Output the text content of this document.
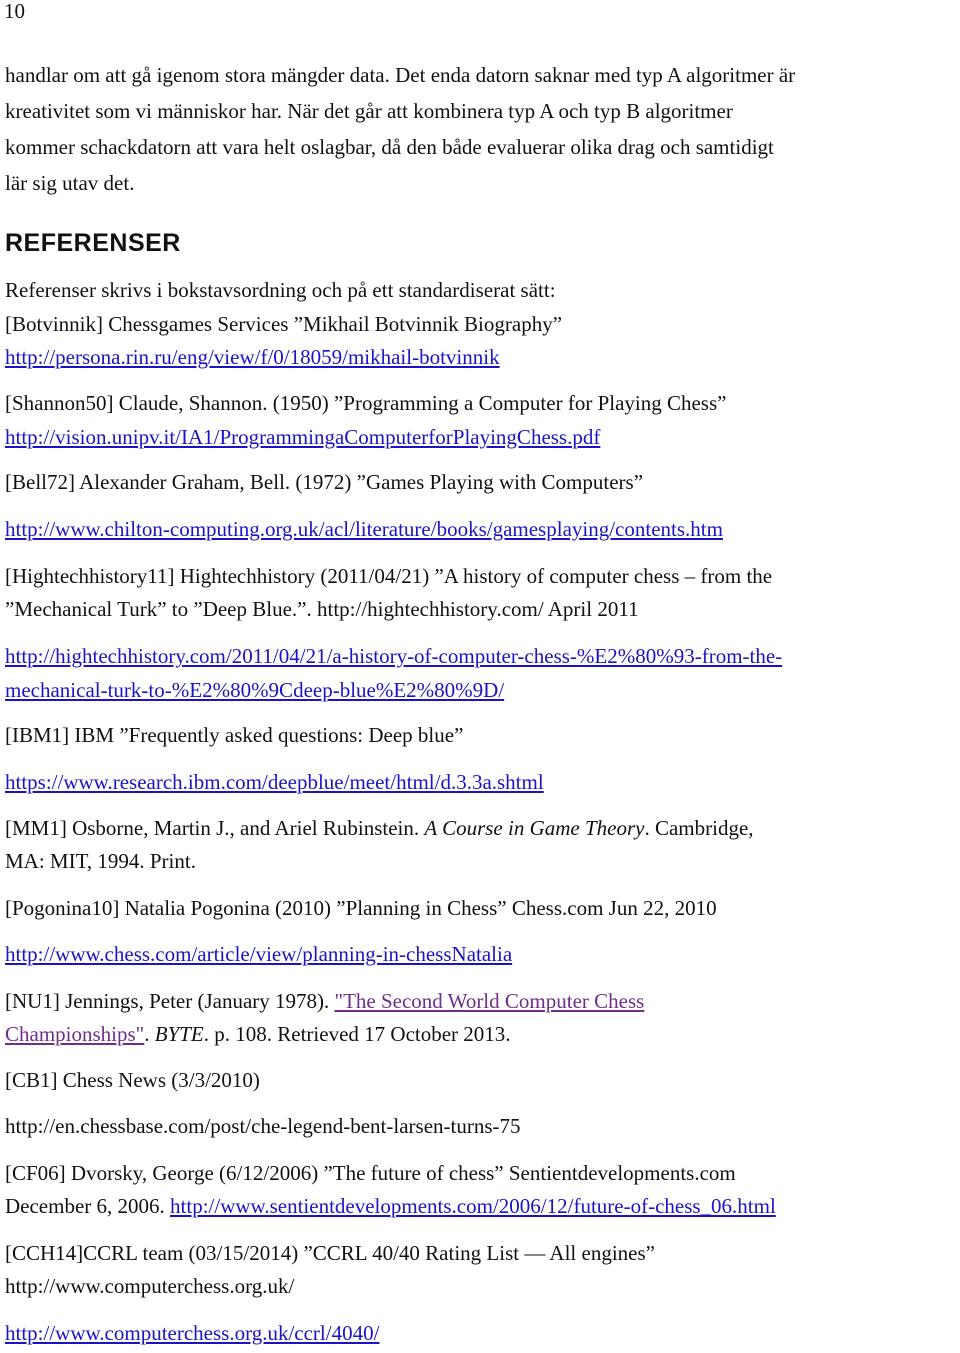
10
handlar om att gå igenom stora mängder data. Det enda datorn saknar med typ A algoritmer är
kreativitet som vi människor har. När det går att kombinera typ A och typ B algoritmer
kommer schackdatorn att vara helt oslagbar, då den både evaluerar olika drag och samtidigt
lär sig utav det.
REFERENSER
Referenser skrivs i bokstavsordning och på ett standardiserat sätt:
[Botvinnik] Chessgames Services ”Mikhail Botvinnik Biography”
http://persona.rin.ru/eng/view/f/0/18059/mikhail-botvinnik
[Shannon50] Claude, Shannon. (1950) ”Programming a Computer for Playing Chess”
http://vision.unipv.it/IA1/ProgrammingaComputerforPlayingChess.pdf
[Bell72] Alexander Graham, Bell. (1972) ”Games Playing with Computers”
http://www.chilton-computing.org.uk/acl/literature/books/gamesplaying/contents.htm
[Hightechhistory11] Hightechhistory (2011/04/21) ”A history of computer chess – from the
”Mechanical Turk” to ”Deep Blue.”. http://hightechhistory.com/ April 2011
http://hightechhistory.com/2011/04/21/a-history-of-computer-chess-%E2%80%93-from-the-
mechanical-turk-to-%E2%80%9Cdeep-blue%E2%80%9D/
[IBM1] IBM ”Frequently asked questions: Deep blue”
https://www.research.ibm.com/deepblue/meet/html/d.3.3a.shtml
[MM1] Osborne, Martin J., and Ariel Rubinstein. A Course in Game Theory. Cambridge,
MA: MIT, 1994. Print.
[Pogonina10] Natalia Pogonina (2010) ”Planning in Chess” Chess.com Jun 22, 2010
http://www.chess.com/article/view/planning-in-chessNatalia
[NU1] Jennings, Peter (January 1978). "The Second World Computer Chess
Championships". BYTE. p. 108. Retrieved 17 October 2013.
[CB1] Chess News (3/3/2010)
http://en.chessbase.com/post/che-legend-bent-larsen-turns-75
[CF06] Dvorsky, George (6/12/2006) ”The future of chess” Sentientdevelopments.com
December 6, 2006. http://www.sentientdevelopments.com/2006/12/future-of-chess_06.html
[CCH14]CCRL team (03/15/2014) ”CCRL 40/40 Rating List — All engines”
http://www.computerchess.org.uk/
http://www.computerchess.org.uk/ccrl/4040/
